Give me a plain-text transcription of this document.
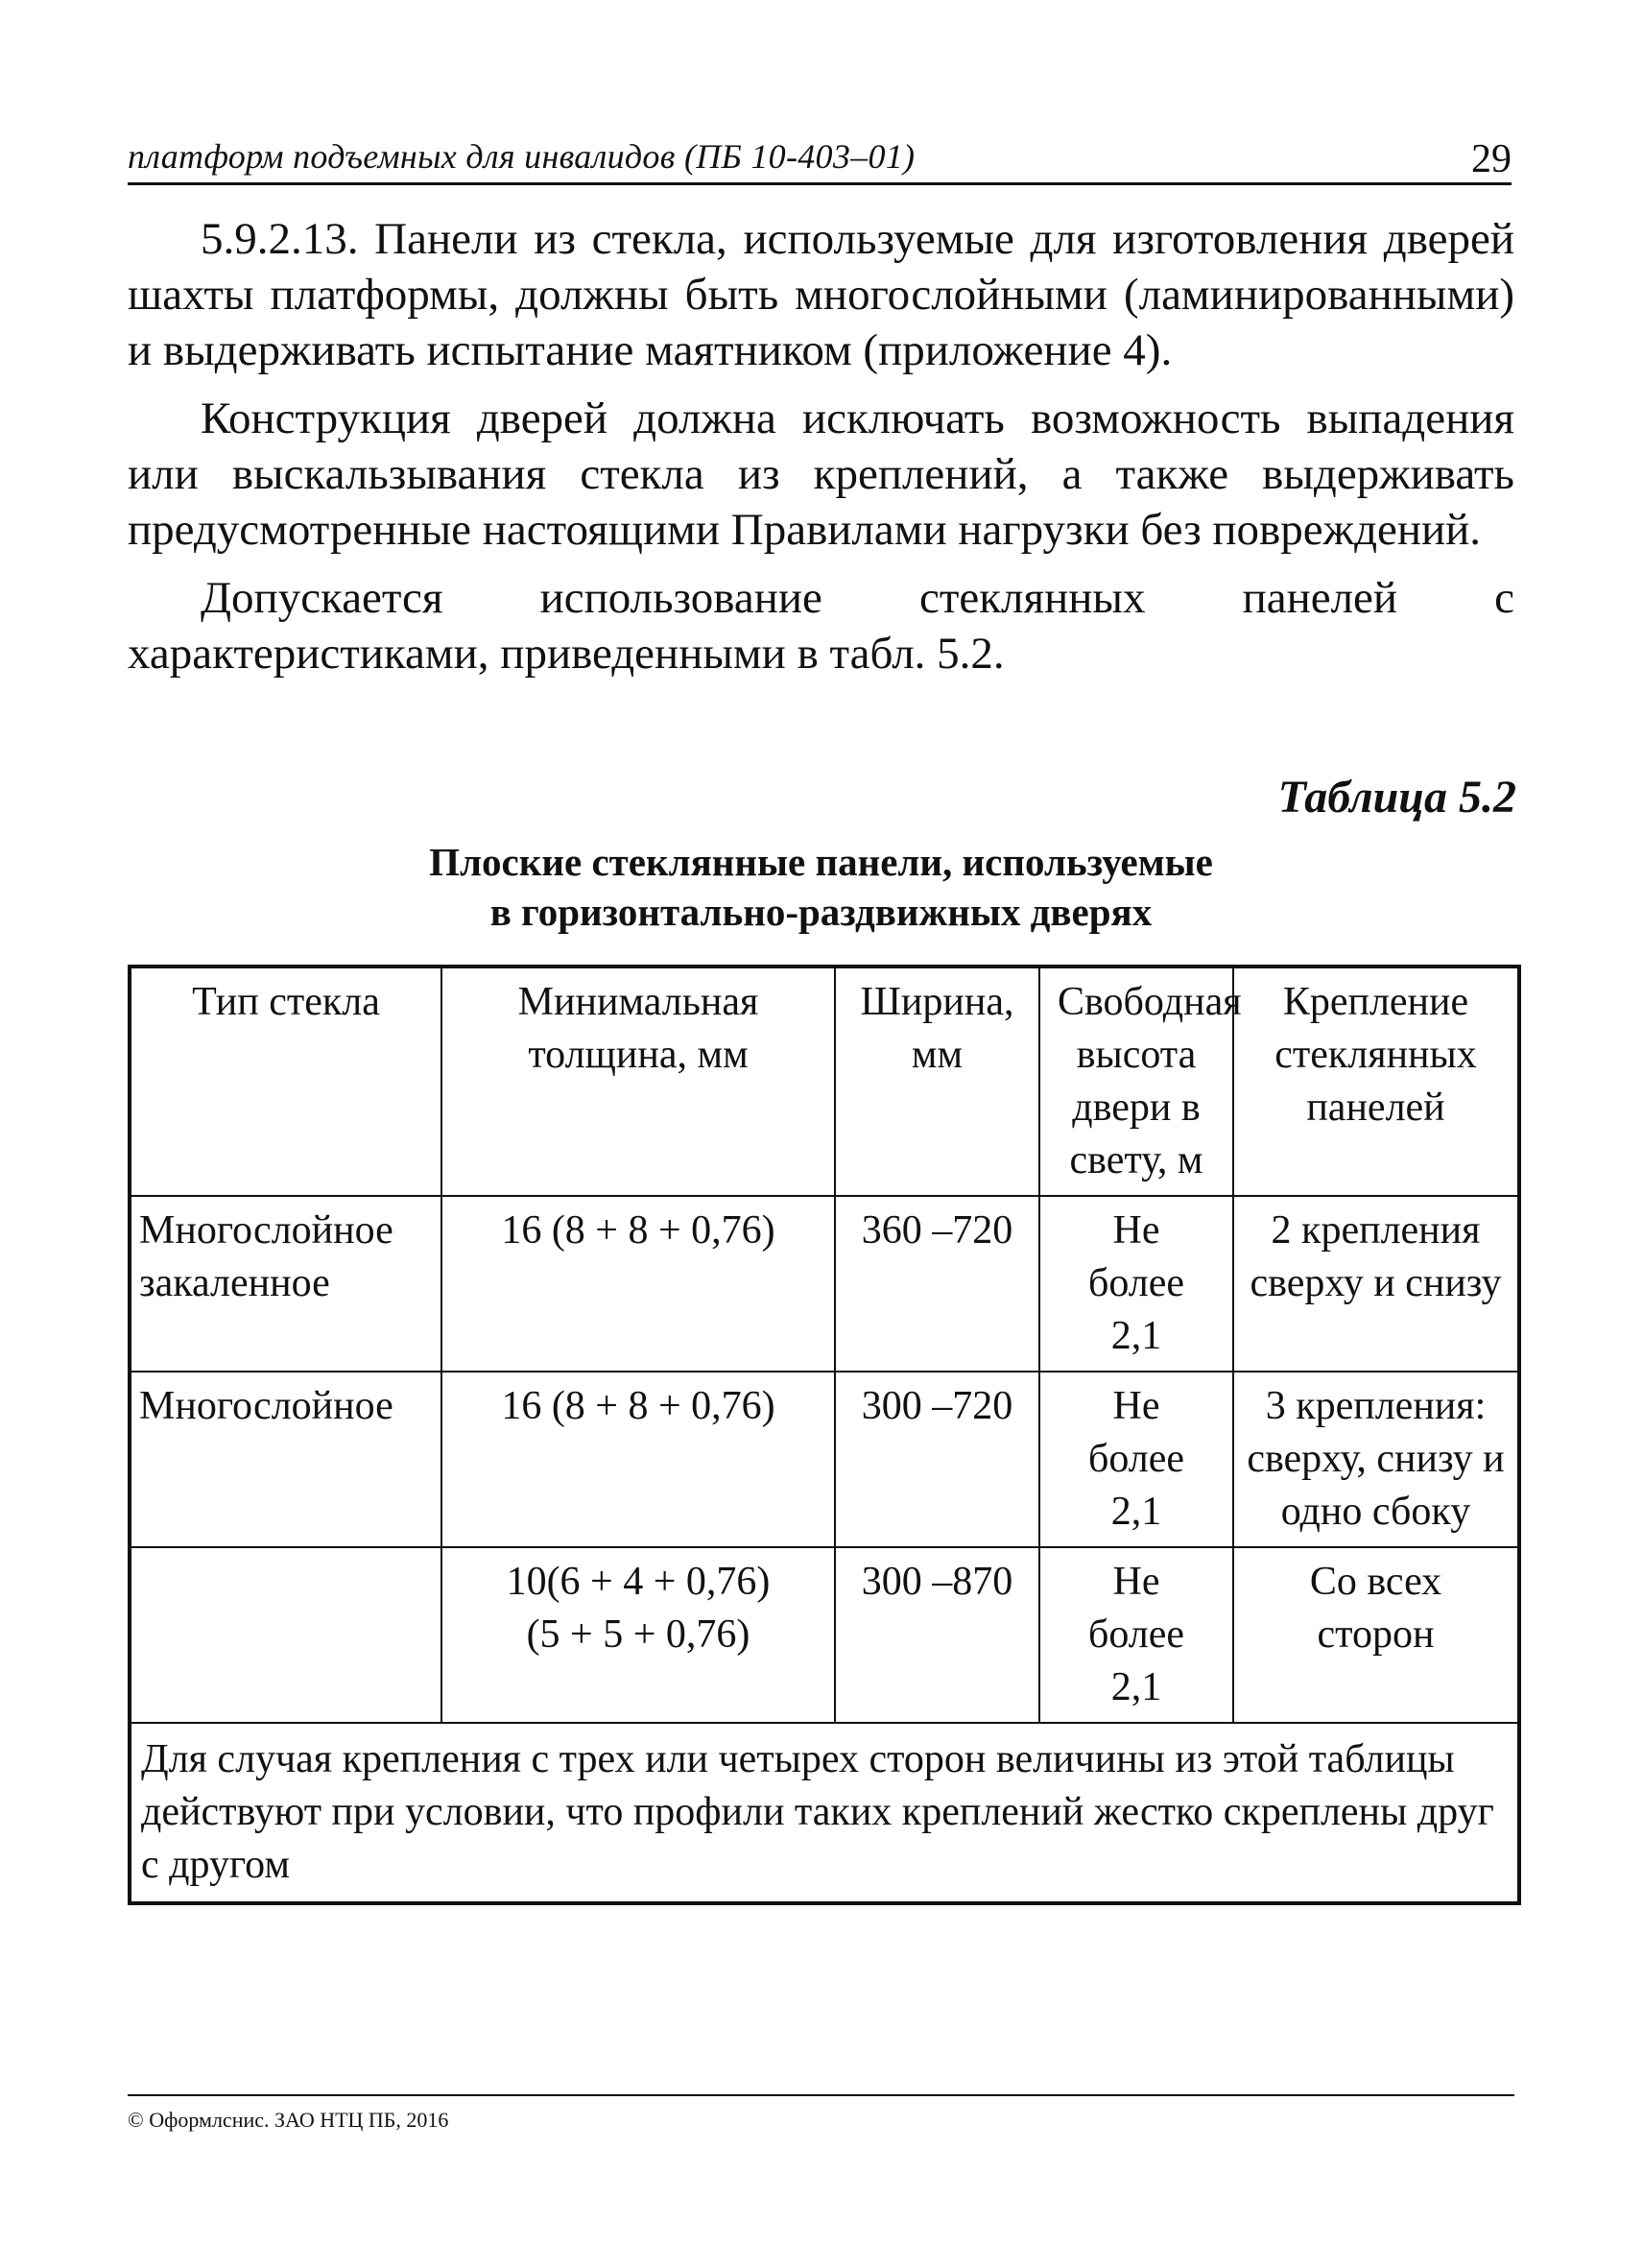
платформ подъемных для инвалидов (ПБ 10-403–01)	29

5.9.2.13. Панели из стекла, используемые для изготовления дверей шахты платформы, должны быть многослойными (ламинированными) и выдерживать испытание маятником (приложение 4).

Конструкция дверей должна исключать возможность выпадения или выскальзывания стекла из креплений, а также выдерживать предусмотренные настоящими Правилами нагрузки без повреждений.

Допускается использование стеклянных панелей с характеристиками, приведенными в табл. 5.2.

Таблица 5.2
Плоские стеклянные панели, используемые
в горизонтально-раздвижных дверях
Тип стекла	Минимальная толщина, мм	Ширина, мм	Свободная высота двери в свету, м	Крепление стеклянных панелей
Многослойное закаленное	16 (8 + 8 + 0,76)	360 –720	Не более 2,1	2 крепления сверху и снизу
Многослойное	16 (8 + 8 + 0,76)	300 –720	Не более 2,1	3 крепления: сверху, снизу и одно сбоку

	10(6 + 4 + 0,76)
(5 + 5 + 0,76)	300 –870	Не более 2,1	Со всех сторон
Для случая крепления с трех или четырех сторон величины из этой таблицы действуют при условии, что профили таких креплений жестко скреплены друг с другом				
© Оформлснис. ЗАО НТЦ ПБ, 2016
